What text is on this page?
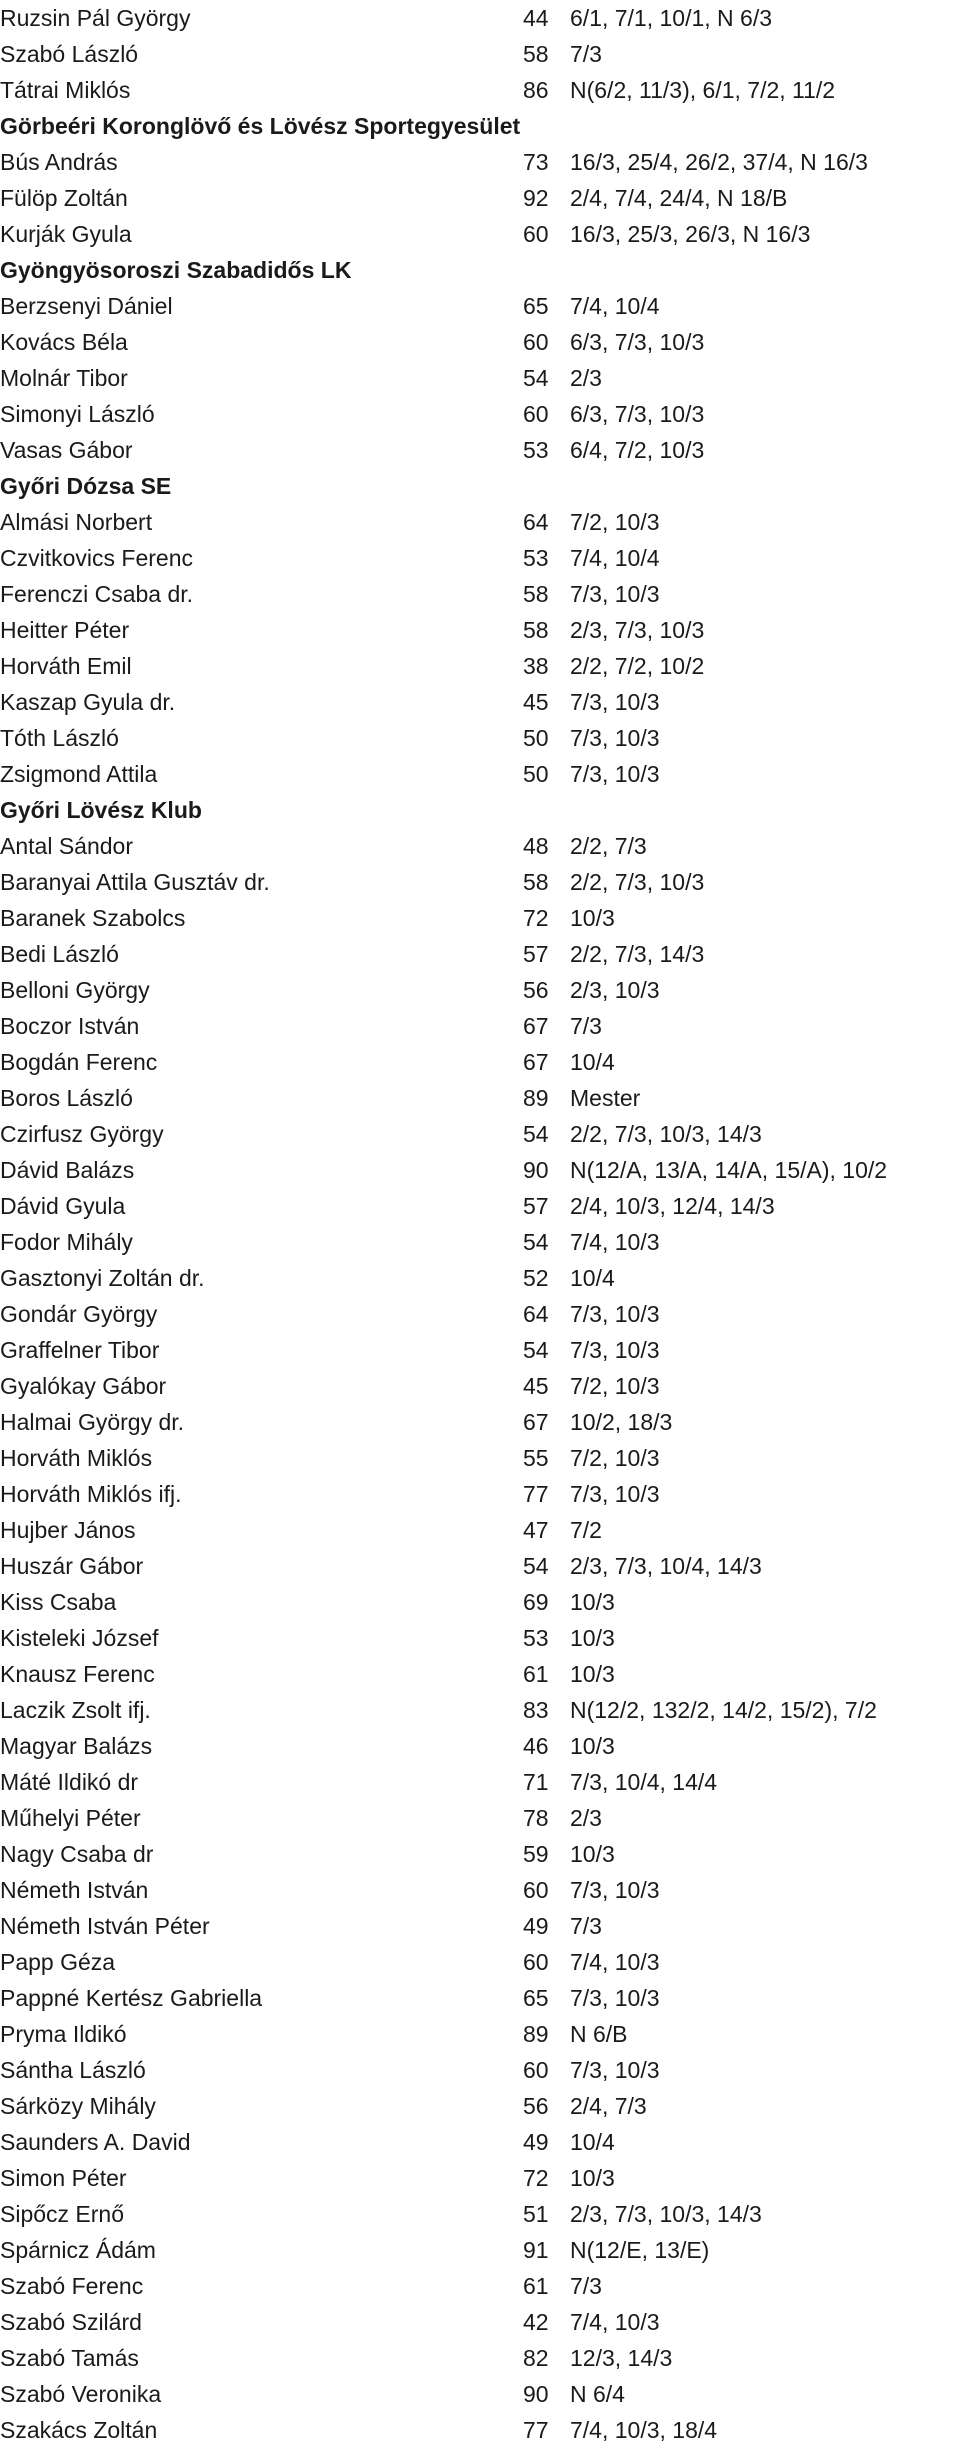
Ruzsin Pál György	44 6/1, 7/1, 10/1, N 6/3
Szabó László	58 7/3
Tátrai Miklós	86 N(6/2, 11/3), 6/1, 7/2, 11/2
Görbeéri Koronglövő és Lövész Sportegyesület
Bús András	73 16/3, 25/4, 26/2, 37/4, N 16/3
Fülöp Zoltán	92 2/4, 7/4, 24/4, N 18/B
Kurják Gyula	60 16/3, 25/3, 26/3, N 16/3
Gyöngyösoroszi Szabadidős LK
Berzsenyi Dániel	65 7/4, 10/4
Kovács Béla	60 6/3, 7/3, 10/3
Molnár Tibor	54 2/3
Simonyi László	60 6/3, 7/3, 10/3
Vasas Gábor	53 6/4, 7/2, 10/3
Győri Dózsa SE
Almási Norbert	64 7/2, 10/3
Czvitkovics Ferenc	53 7/4, 10/4
Ferenczi Csaba dr.	58 7/3, 10/3
Heitter Péter	58 2/3, 7/3, 10/3
Horváth Emil	38 2/2, 7/2, 10/2
Kaszap Gyula dr.	45 7/3, 10/3
Tóth László	50 7/3, 10/3
Zsigmond Attila	50 7/3, 10/3
Győri Lövész Klub
Antal Sándor	48 2/2, 7/3
Baranyai Attila Gusztáv dr.	58 2/2, 7/3, 10/3
Baranek Szabolcs	72 10/3
Bedi László	57 2/2, 7/3, 14/3
Belloni György	56 2/3, 10/3
Boczor István	67 7/3
Bogdán Ferenc	67 10/4
Boros László	89 Mester
Czirfusz György	54 2/2, 7/3, 10/3, 14/3
Dávid Balázs	90 N(12/A, 13/A, 14/A, 15/A), 10/2
Dávid Gyula	57 2/4, 10/3, 12/4, 14/3
Fodor Mihály	54 7/4, 10/3
Gasztonyi Zoltán dr.	52 10/4
Gondár György	64 7/3, 10/3
Graffelner Tibor	54 7/3, 10/3
Gyalókay Gábor	45 7/2, 10/3
Halmai György dr.	67 10/2, 18/3
Horváth Miklós	55 7/2, 10/3
Horváth Miklós ifj.	77 7/3, 10/3
Hujber János	47 7/2
Huszár Gábor	54 2/3, 7/3, 10/4, 14/3
Kiss Csaba	69 10/3
Kisteleki József	53 10/3
Knausz Ferenc	61 10/3
Laczik Zsolt ifj.	83 N(12/2, 132/2, 14/2, 15/2), 7/2
Magyar Balázs	46 10/3
Máté Ildikó dr	71 7/3, 10/4, 14/4
Műhelyi Péter	78 2/3
Nagy Csaba dr	59 10/3
Németh István	60 7/3, 10/3
Németh István Péter	49 7/3
Papp Géza	60 7/4, 10/3
Pappné Kertész Gabriella	65 7/3, 10/3
Pryma Ildikó	89 N 6/B
Sántha László	60 7/3, 10/3
Sárközy Mihály	56 2/4, 7/3
Saunders A. David	49 10/4
Simon Péter	72 10/3
Sipőcz Ernő	51 2/3, 7/3, 10/3, 14/3
Spárnicz Ádám	91 N(12/E, 13/E)
Szabó Ferenc	61 7/3
Szabó Szilárd	42 7/4, 10/3
Szabó Tamás	82 12/3, 14/3
Szabó Veronika	90 N 6/4
Szakács Zoltán	77 7/4, 10/3, 18/4
